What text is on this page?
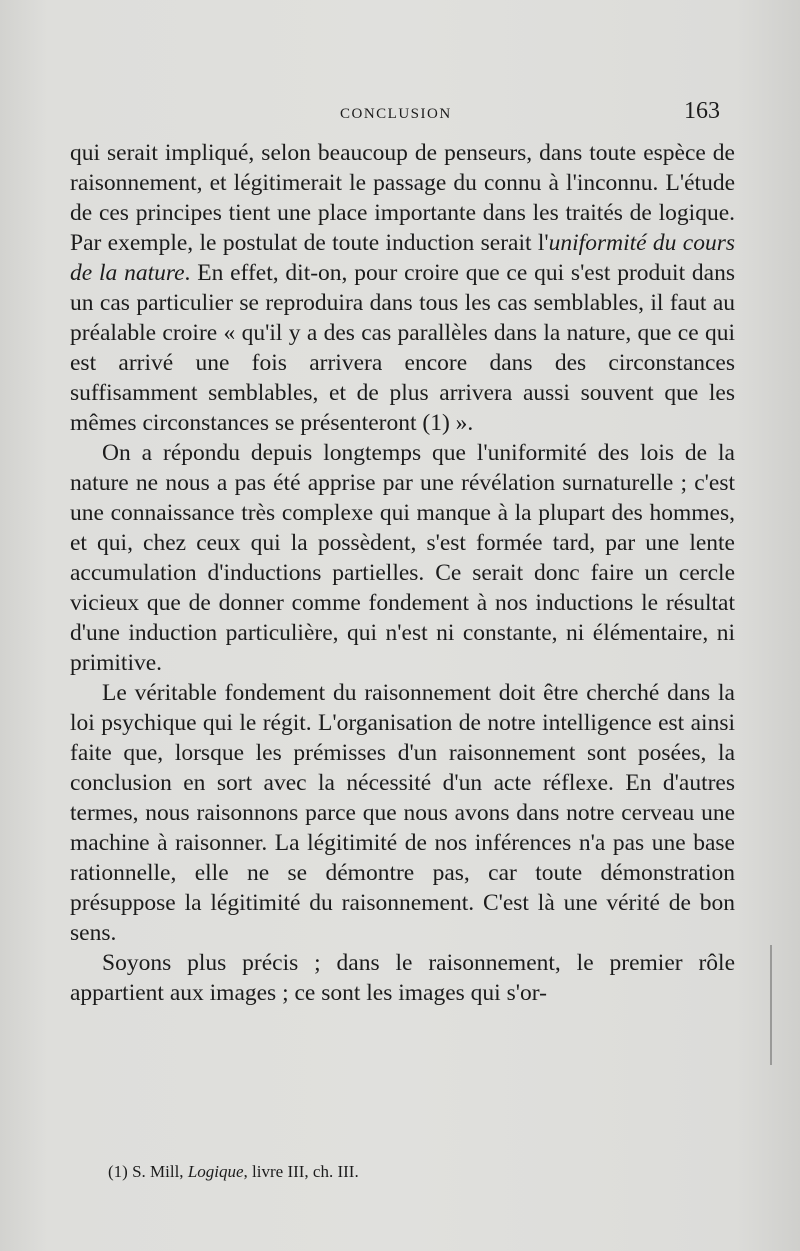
CONCLUSION	163

qui serait impliqué, selon beaucoup de penseurs, dans toute espèce de raisonnement, et légitimerait le passage du connu à l'inconnu. L'étude de ces principes tient une place importante dans les traités de logique. Par exemple, le postulat de toute induction serait l'uniformité du cours de la nature. En effet, dit-on, pour croire que ce qui s'est produit dans un cas particulier se reproduira dans tous les cas semblables, il faut au préalable croire « qu'il y a des cas parallèles dans la nature, que ce qui est arrivé une fois arrivera encore dans des circonstances suffisamment semblables, et de plus arrivera aussi souvent que les mêmes circonstances se présenteront (1) ».

On a répondu depuis longtemps que l'uniformité des lois de la nature ne nous a pas été apprise par une révélation surnaturelle ; c'est une connaissance très complexe qui manque à la plupart des hommes, et qui, chez ceux qui la possèdent, s'est formée tard, par une lente accumulation d'inductions partielles. Ce serait donc faire un cercle vicieux que de donner comme fondement à nos inductions le résultat d'une induction particulière, qui n'est ni constante, ni élémentaire, ni primitive.

Le véritable fondement du raisonnement doit être cherché dans la loi psychique qui le régit. L'organisation de notre intelligence est ainsi faite que, lorsque les prémisses d'un raisonnement sont posées, la conclusion en sort avec la nécessité d'un acte réflexe. En d'autres termes, nous raisonnons parce que nous avons dans notre cerveau une machine à raisonner. La légitimité de nos inférences n'a pas une base rationnelle, elle ne se démontre pas, car toute démonstration présuppose la légitimité du raisonnement. C'est là une vérité de bon sens.

Soyons plus précis ; dans le raisonnement, le premier rôle appartient aux images ; ce sont les images qui s'or-

(1) S. Mill, Logique, livre III, ch. III.
